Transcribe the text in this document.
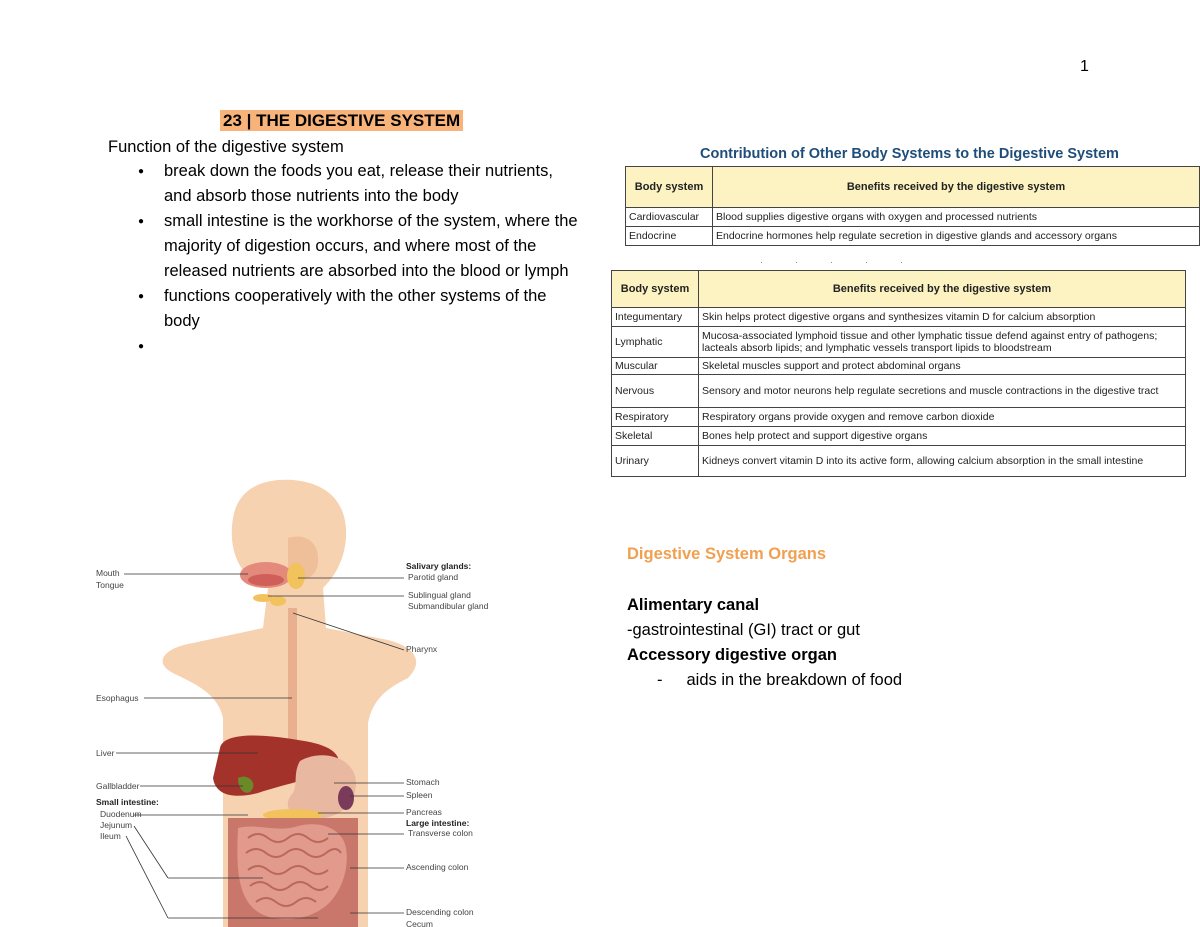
1
23 | THE DIGESTIVE SYSTEM
Function of the digestive system
● break down the foods you eat, release their nutrients, and absorb those nutrients into the body
● small intestine is the workhorse of the system, where the majority of digestion occurs, and where most of the released nutrients are absorbed into the blood or lymph
● functions cooperatively with the other systems of the body
●
Contribution of Other Body Systems to the Digestive System
Body system	Benefits received by the digestive system
Cardiovascular	Blood supplies digestive organs with oxygen and processed nutrients
Endocrine	Endocrine hormones help regulate secretion in digestive glands and accessory organs
·····
Body system	Benefits received by the digestive system
Integumentary	Skin helps protect digestive organs and synthesizes vitamin D for calcium absorption
Lymphatic	Mucosa-associated lymphoid tissue and other lymphatic tissue defend against entry of pathogens; lacteals absorb lipids; and lymphatic vessels transport lipids to bloodstream
Muscular	Skeletal muscles support and protect abdominal organs
Nervous	Sensory and motor neurons help regulate secretions and muscle contractions in the digestive tract
Respiratory	Respiratory organs provide oxygen and remove carbon dioxide
Skeletal	Bones help protect and support digestive organs
Urinary	Kidneys convert vitamin D into its active form, allowing calcium absorption in the small intestine
Digestive System Organs
Alimentary canal
-gastrointestinal (GI) tract or gut
Accessory digestive organ
- aids in the breakdown of food
Mouth
Tongue
Esophagus
Liver
Gallbladder
Small intestine:
Duodenum
Jejunum
Ileum
Salivary glands:
Parotid gland
Sublingual gland
Submandibular gland
Pharynx
Stomach
Spleen
Pancreas
Large intestine:
Transverse colon
Ascending colon
Descending colon
Cecum
